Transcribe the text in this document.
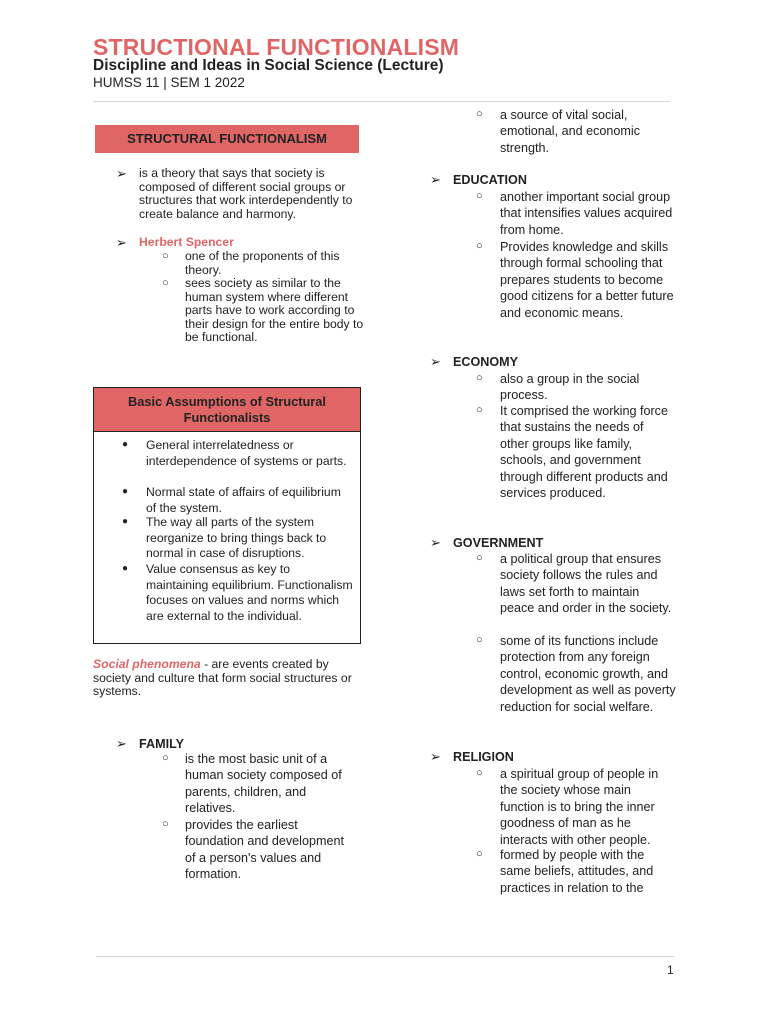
STRUCTIONAL FUNCTIONALISM
Discipline and Ideas in Social Science (Lecture)
HUMSS 11 | SEM 1 2022
STRUCTURAL FUNCTIONALISM
➢ is a theory that says that society is composed of different social groups or structures that work interdependently to create balance and harmony.
➢ Herbert Spencer
○ one of the proponents of this theory.
○ sees society as similar to the human system where different parts have to work according to their design for the entire body to be functional.
Basic Assumptions of Structural Functionalists
● General interrelatedness or interdependence of systems or parts.
● Normal state of affairs of equilibrium of the system.
● The way all parts of the system reorganize to bring things back to normal in case of disruptions.
● Value consensus as key to maintaining equilibrium. Functionalism focuses on values and norms which are external to the individual.
Social phenomena - are events created by society and culture that form social structures or systems.
➢ FAMILY
○ is the most basic unit of a human society composed of parents, children, and relatives.
○ provides the earliest foundation and development of a person's values and formation.
○ a source of vital social, emotional, and economic strength.
➢ EDUCATION
○ another important social group that intensifies values acquired from home.
○ Provides knowledge and skills through formal schooling that prepares students to become good citizens for a better future and economic means.
➢ ECONOMY
○ also a group in the social process.
○ It comprised the working force that sustains the needs of other groups like family, schools, and government through different products and services produced.
➢ GOVERNMENT
○ a political group that ensures society follows the rules and laws set forth to maintain peace and order in the society.
○ some of its functions include protection from any foreign control, economic growth, and development as well as poverty reduction for social welfare.
➢ RELIGION
○ a spiritual group of people in the society whose main function is to bring the inner goodness of man as he interacts with other people.
○ formed by people with the same beliefs, attitudes, and practices in relation to the
1
